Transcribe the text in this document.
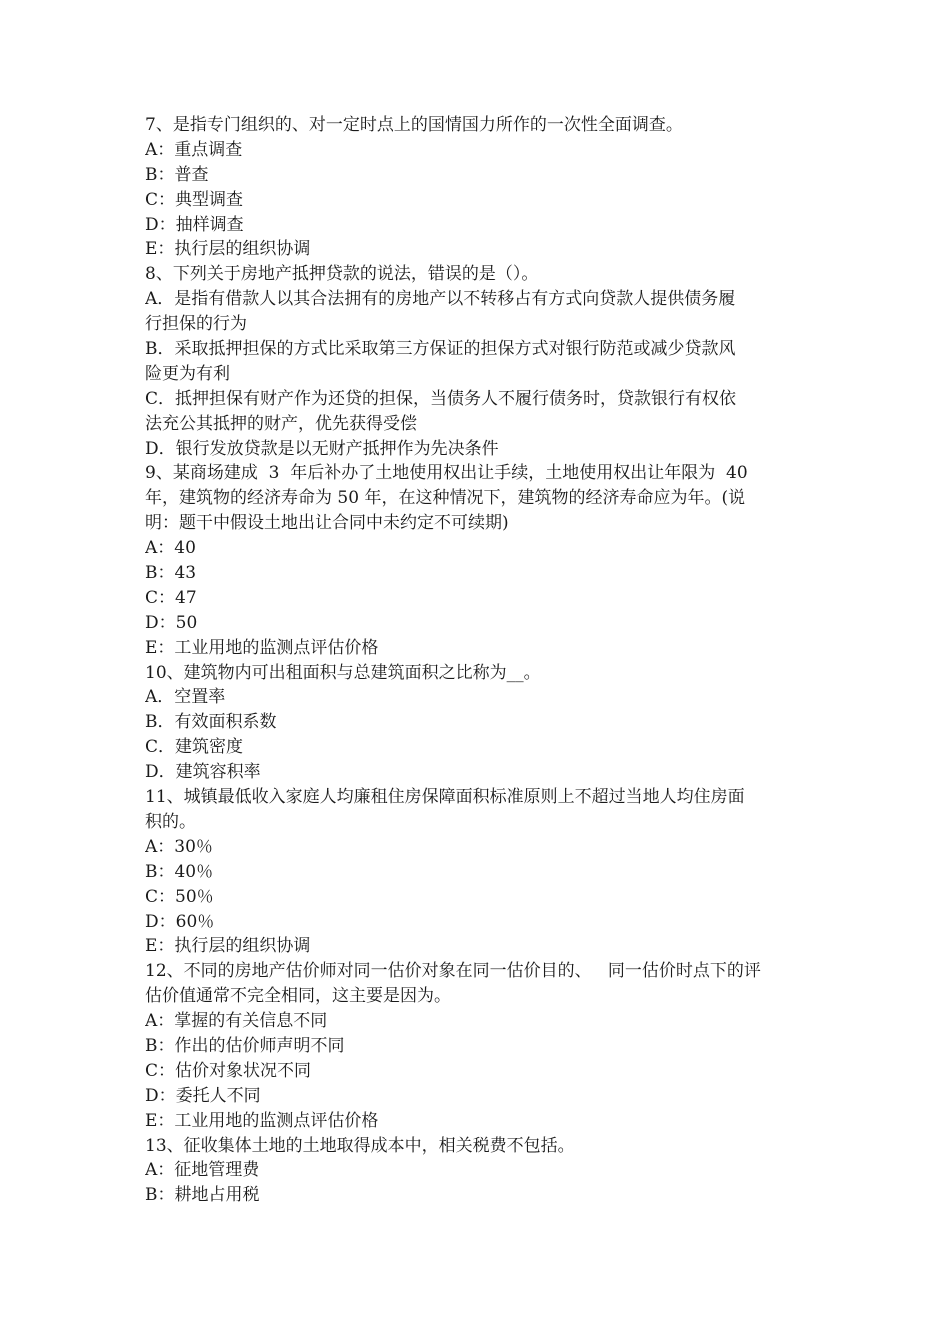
7、是指专门组织的、对一定时点上的国情国力所作的一次性全面调查。
A：重点调查
B：普查
C：典型调查
D：抽样调查
E：执行层的组织协调
8、下列关于房地产抵押贷款的说法，错误的是（）。
A．是指有借款人以其合法拥有的房地产以不转移占有方式向贷款人提供债务履
行担保的行为
B．采取抵押担保的方式比采取第三方保证的担保方式对银行防范或减少贷款风
险更为有利
C．抵押担保有财产作为还贷的担保，当债务人不履行债务时，贷款银行有权依
法充公其抵押的财产，优先获得受偿
D．银行发放贷款是以无财产抵押作为先决条件
9、某商场建成  3  年后补办了土地使用权出让手续，土地使用权出让年限为  40
年，建筑物的经济寿命为 50 年，在这种情况下，建筑物的经济寿命应为年。(说
明：题干中假设土地出让合同中未约定不可续期)
A：40
B：43
C：47
D：50
E：工业用地的监测点评估价格
10、建筑物内可出租面积与总建筑面积之比称为__。
A．空置率
B．有效面积系数
C．建筑密度
D．建筑容积率
11、城镇最低收入家庭人均廉租住房保障面积标准原则上不超过当地人均住房面
积的。
A：30％
B：40％
C：50％
D：60％
E：执行层的组织协调
12、不同的房地产估价师对同一估价对象在同一估价目的、   同一估价时点下的评
估价值通常不完全相同，这主要是因为。
A：掌握的有关信息不同
B：作出的估价师声明不同
C：估价对象状况不同
D：委托人不同
E：工业用地的监测点评估价格
13、征收集体土地的土地取得成本中，相关税费不包括。
A：征地管理费
B：耕地占用税
